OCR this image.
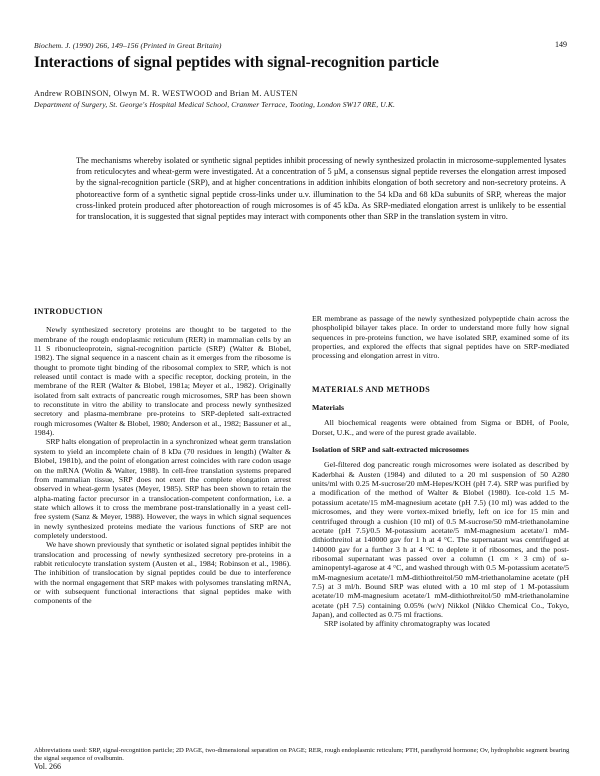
Biochem. J. (1990) 266, 149–156 (Printed in Great Britain)	149
Interactions of signal peptides with signal-recognition particle
Andrew ROBINSON, Olwyn M. R. WESTWOOD and Brian M. AUSTEN
Department of Surgery, St. George's Hospital Medical School, Cranmer Terrace, Tooting, London SW17 0RE, U.K.
The mechanisms whereby isolated or synthetic signal peptides inhibit processing of newly synthesized prolactin in microsome-supplemented lysates from reticulocytes and wheat-germ were investigated. At a concentration of 5 µM, a consensus signal peptide reverses the elongation arrest imposed by the signal-recognition particle (SRP), and at higher concentrations in addition inhibits elongation of both secretory and non-secretory proteins. A photoreactive form of a synthetic signal peptide cross-links under u.v. illumination to the 54 kDa and 68 kDa subunits of SRP, whereas the major cross-linked protein produced after photoreaction of rough microsomes is of 45 kDa. As SRP-mediated elongation arrest is unlikely to be essential for translocation, it is suggested that signal peptides may interact with components other than SRP in the translation system in vitro.
INTRODUCTION

Newly synthesized secretory proteins are thought to be targeted to the membrane of the rough endoplasmic reticulum (RER) in mammalian cells by an 11 S ribonucleoprotein, signal-recognition particle (SRP) (Walter & Blobel, 1982). The signal sequence in a nascent chain as it emerges from the ribosome is thought to promote tight binding of the ribosomal complex to SRP, which is not released until contact is made with a specific receptor, docking protein, in the membrane of the RER (Walter & Blobel, 1981a; Meyer et al., 1982). Originally isolated from salt extracts of pancreatic rough microsomes, SRP has been shown to reconstitute in vitro the ability to translocate and process newly synthesized secretory and plasma-membrane pre-proteins to SRP-depleted salt-extracted rough microsomes (Walter & Blobel, 1980; Anderson et al., 1982; Bassuner et al., 1984).

SRP halts elongation of preprolactin in a synchronized wheat germ translation system to yield an incomplete chain of 8 kDa (70 residues in length) (Walter & Blobel, 1981b), and the point of elongation arrest coincides with rare codon usage on the mRNA (Wolin & Walter, 1988). In cell-free translation systems prepared from mammalian tissue, SRP does not exert the complete elongation arrest observed in wheat-germ lysates (Meyer, 1985). SRP has been shown to retain the alpha-mating factor precursor in a translocation-competent conformation, i.e. a state which allows it to cross the membrane post-translationally in a yeast cell-free system (Sanz & Meyer, 1988). However, the ways in which signal sequences in newly synthesized proteins mediate the various functions of SRP are not completely understood.

We have shown previously that synthetic or isolated signal peptides inhibit the translocation and processing of newly synthesized secretory pre-proteins in a rabbit reticulocyte translation system (Austen et al., 1984; Robinson et al., 1986). The inhibition of translocation by signal peptides could be due to interference with the normal engagement that SRP makes with polysomes translating mRNA, or with subsequent functional interactions that signal peptides make with components of the

ER membrane as passage of the newly synthesized polypeptide chain across the phospholipid bilayer takes place. In order to understand more fully how signal sequences in pre-proteins function, we have isolated SRP, examined some of its properties, and explored the effects that signal peptides have on SRP-mediated processing and elongation arrest in vitro.

MATERIALS AND METHODS
Materials

All biochemical reagents were obtained from Sigma or BDH, of Poole, Dorset, U.K., and were of the purest grade available.

Isolation of SRP and salt-extracted microsomes

Gel-filtered dog pancreatic rough microsomes were isolated as described by Kaderbhai & Austen (1984) and diluted to a 20 ml suspension of 50 A280 units/ml with 0.25 M-sucrose/20 mM-Hepes/KOH (pH 7.4). SRP was purified by a modification of the method of Walter & Blobel (1980). Ice-cold 1.5 M-potassium acetate/15 mM-magnesium acetate (pH 7.5) (10 ml) was added to the microsomes, and they were vortex-mixed briefly, left on ice for 15 min and centrifuged through a cushion (10 ml) of 0.5 M-sucrose/50 mM-triethanolamine acetate (pH 7.5)/0.5 M-potassium acetate/5 mM-magnesium acetate/1 mM-dithiothreitol at 140000 gav for 1 h at 4 °C. The supernatant was centrifuged at 140000 gav for a further 3 h at 4 °C to deplete it of ribosomes, and the post-ribosomal supernatant was passed over a column (1 cm × 3 cm) of ω-aminopentyl-agarose at 4 °C, and washed through with 0.5 M-potassium acetate/5 mM-magnesium acetate/1 mM-dithiothreitol/50 mM-triethanolamine acetate (pH 7.5) at 3 ml/h. Bound SRP was eluted with a 10 ml step of 1 M-potassium acetate/10 mM-magnesium acetate/1 mM-dithiothreitol/50 mM-triethanolamine acetate (pH 7.5) containing 0.05% (w/v) Nikkol (Nikko Chemical Co., Tokyo, Japan), and collected as 0.75 ml fractions.

SRP isolated by affinity chromatography was located

Abbreviations used: SRP, signal-recognition particle; 2D PAGE, two-dimensional separation on PAGE; RER, rough endoplasmic reticulum; PTH, parathyroid hormone; Ov, hydrophobic segment bearing the signal sequence of ovalbumin.
Vol. 266
